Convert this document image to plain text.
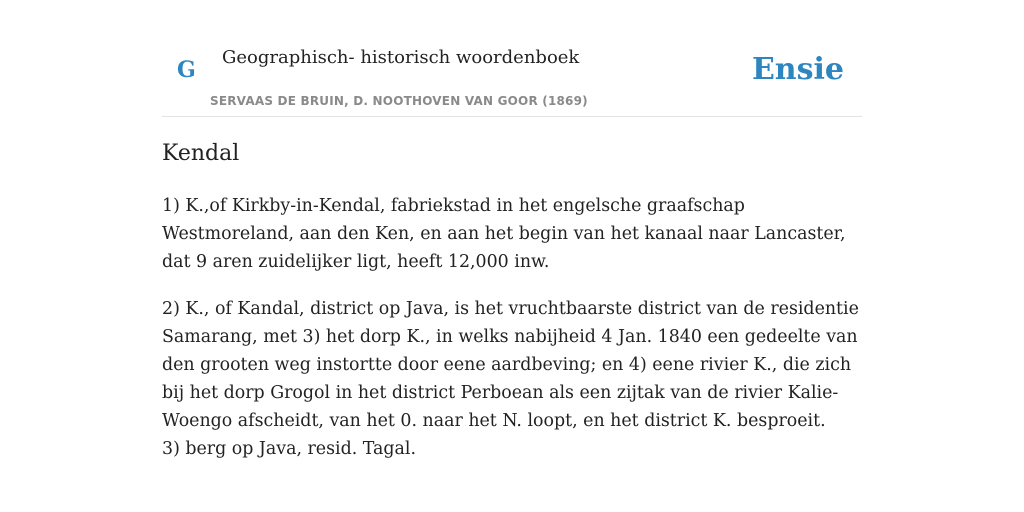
G Geographisch- historisch woordenboek
SERVAAS DE BRUIN, D. NOOTHOVEN VAN GOOR (1869)
Ensie
Kendal

1) K.,of Kirkby-in-Kendal, fabriekstad in het engelsche graafschap Westmoreland, aan den Ken, en aan het begin van het kanaal naar Lancaster, dat 9 aren zuidelijker ligt, heeft 12,000 inw.

2) K., of Kandal, district op Java, is het vruchtbaarste district van de residentie Samarang, met 3) het dorp K., in welks nabijheid 4 Jan. 1840 een gedeelte van den grooten weg instortte door eene aardbeving; en 4) eene rivier K., die zich bij het dorp Grogol in het district Perboean als een zijtak van de rivier Kalie-Woengo afscheidt, van het 0. naar het N. loopt, en het district K. besproeit.
3) berg op Java, resid. Tagal.
